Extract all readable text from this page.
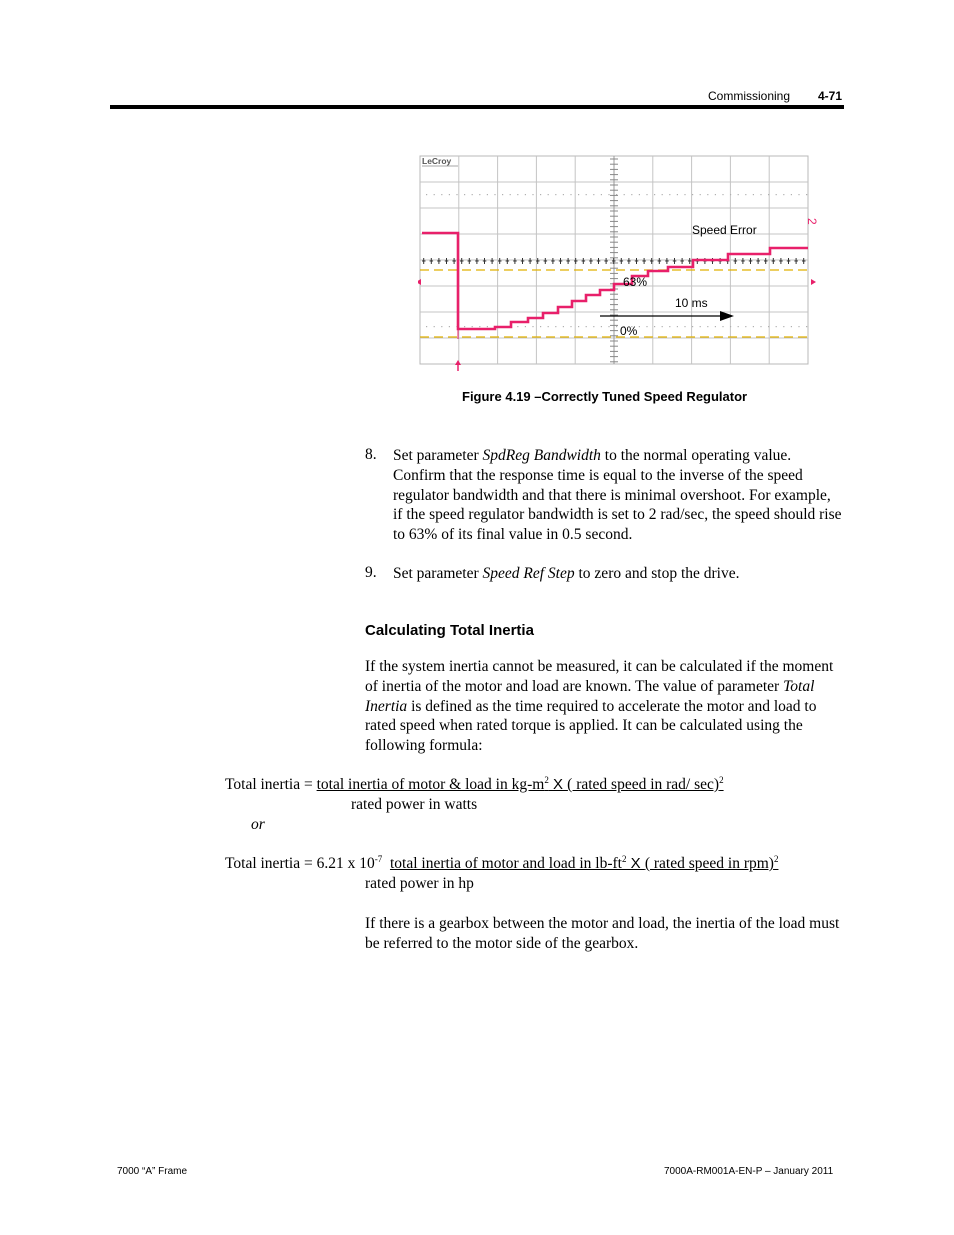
Commissioning 4-71
LeCroy
2
Speed Error
63%
10 ms
0%
Figure 4.19 –Correctly Tuned Speed Regulator
8. Set parameter SpdReg Bandwidth to the normal operating value. Confirm that the response time is equal to the inverse of the speed regulator bandwidth and that there is minimal overshoot. For example, if the speed regulator bandwidth is set to 2 rad/sec, the speed should rise to 63% of its final value in 0.5 second.
9. Set parameter Speed Ref Step to zero and stop the drive.
Calculating Total Inertia
If the system inertia cannot be measured, it can be calculated if the moment of inertia of the motor and load are known. The value of parameter Total Inertia is defined as the time required to accelerate the motor and load to rated speed when rated torque is applied. It can be calculated using the following formula:
Total inertia = total inertia of motor & load in $kg-m^2$ X ( rated speed in rad/ sec)$^2$
rated power in watts
or
Total inertia = 6.21 x $10^{-7}$ total inertia of motor and load in $lb-ft^2$ X ( rated speed in rpm)$^2$
rated power in hp
If there is a gearbox between the motor and load, the inertia of the load must be referred to the motor side of the gearbox.
7000 “A” Frame	7000A-RM001A-EN-P – January 2011
